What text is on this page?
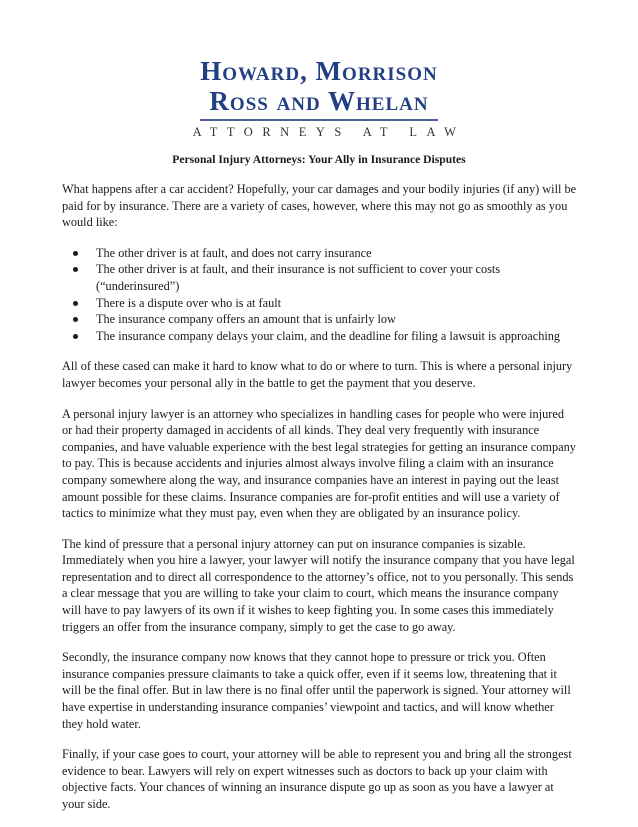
Howard, Morrison
Ross and Whelan
ATTORNEYS AT LAW
Personal Injury Attorneys: Your Ally in Insurance Disputes

What happens after a car accident? Hopefully, your car damages and your bodily injuries (if any) will be paid for by insurance. There are a variety of cases, however, where this may not go as smoothly as you would like:

The other driver is at fault, and does not carry insurance
The other driver is at fault, and their insurance is not sufficient to cover your costs (“underinsured”)
There is a dispute over who is at fault
The insurance company offers an amount that is unfairly low
The insurance company delays your claim, and the deadline for filing a lawsuit is approaching

All of these cased can make it hard to know what to do or where to turn. This is where a personal injury lawyer becomes your personal ally in the battle to get the payment that you deserve.

A personal injury lawyer is an attorney who specializes in handling cases for people who were injured or had their property damaged in accidents of all kinds. They deal very frequently with insurance companies, and have valuable experience with the best legal strategies for getting an insurance company to pay. This is because accidents and injuries almost always involve filing a claim with an insurance company somewhere along the way, and insurance companies have an interest in paying out the least amount possible for these claims. Insurance companies are for-profit entities and will use a variety of tactics to minimize what they must pay, even when they are obligated by an insurance policy.

The kind of pressure that a personal injury attorney can put on insurance companies is sizable. Immediately when you hire a lawyer, your lawyer will notify the insurance company that you have legal representation and to direct all correspondence to the attorney’s office, not to you personally. This sends a clear message that you are willing to take your claim to court, which means the insurance company will have to pay lawyers of its own if it wishes to keep fighting you. In some cases this immediately triggers an offer from the insurance company, simply to get the case to go away.

Secondly, the insurance company now knows that they cannot hope to pressure or trick you. Often insurance companies pressure claimants to take a quick offer, even if it seems low, threatening that it will be the final offer. But in law there is no final offer until the paperwork is signed. Your attorney will have expertise in understanding insurance companies’ viewpoint and tactics, and will know whether they hold water.

Finally, if your case goes to court, your attorney will be able to represent you and bring all the strongest evidence to bear. Lawyers will rely on expert witnesses such as doctors to back up your claim with objective facts. Your chances of winning an insurance dispute go up as soon as you have a lawyer at your side.
